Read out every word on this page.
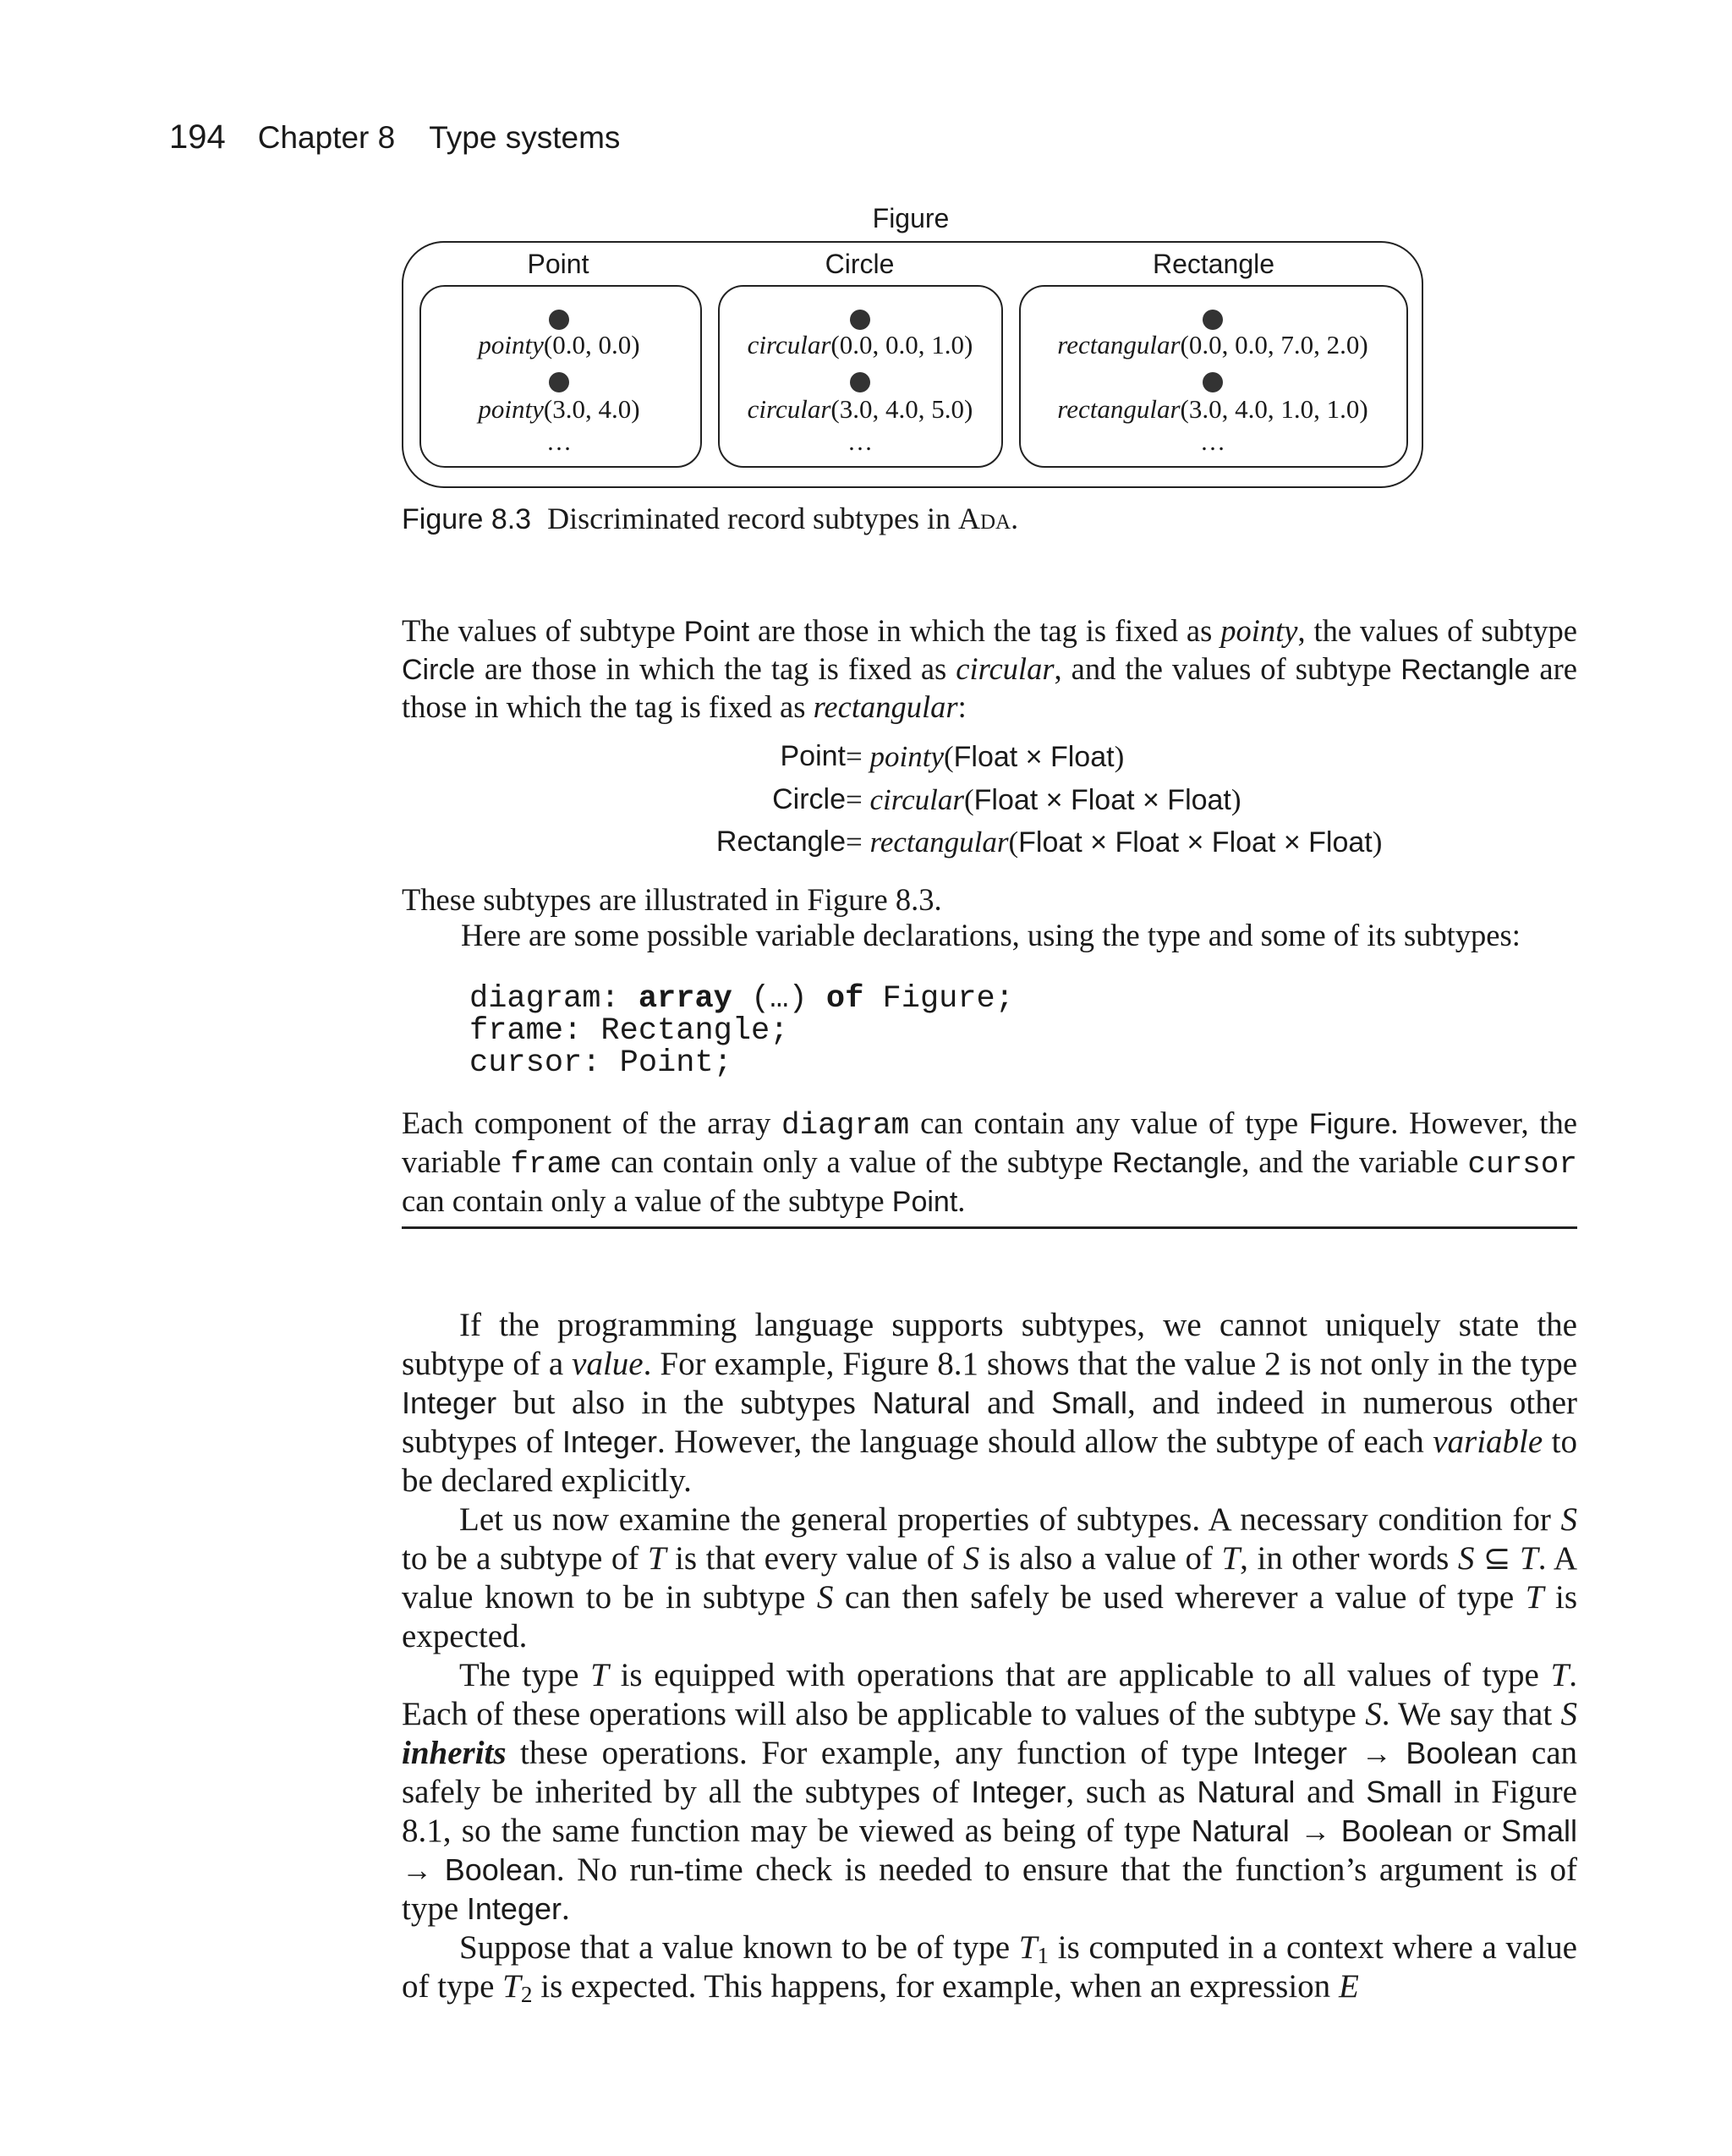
194 Chapter 8 Type systems
Figure
Point
pointy(0.0, 0.0)
pointy(3.0, 4.0)
…
Circle
circular(0.0, 0.0, 1.0)
circular(3.0, 4.0, 5.0)
…
Rectangle
rectangular(0.0, 0.0, 7.0, 2.0)
rectangular(3.0, 4.0, 1.0, 1.0)
…
Figure 8.3 Discriminated record subtypes in Ada.
The values of subtype Point are those in which the tag is fixed as pointy, the values of subtype Circle are those in which the tag is fixed as circular, and the values of subtype Rectangle are those in which the tag is fixed as rectangular:
Point = pointy(Float × Float)
Circle = circular(Float × Float × Float)
Rectangle = rectangular(Float × Float × Float × Float)
These subtypes are illustrated in Figure 8.3.
Here are some possible variable declarations, using the type and some of its subtypes:
diagram: array (…) of Figure;
frame: Rectangle;
cursor: Point;
Each component of the array diagram can contain any value of type Figure. However, the variable frame can contain only a value of the subtype Rectangle, and the variable cursor can contain only a value of the subtype Point.
If the programming language supports subtypes, we cannot uniquely state the subtype of a value. For example, Figure 8.1 shows that the value 2 is not only in the type Integer but also in the subtypes Natural and Small, and indeed in numerous other subtypes of Integer. However, the language should allow the subtype of each variable to be declared explicitly.
Let us now examine the general properties of subtypes. A necessary condition for S to be a subtype of T is that every value of S is also a value of T, in other words S ⊆ T. A value known to be in subtype S can then safely be used wherever a value of type T is expected.
The type T is equipped with operations that are applicable to all values of type T. Each of these operations will also be applicable to values of the subtype S. We say that S inherits these operations. For example, any function of type Integer → Boolean can safely be inherited by all the subtypes of Integer, such as Natural and Small in Figure 8.1, so the same function may be viewed as being of type Natural → Boolean or Small → Boolean. No run-time check is needed to ensure that the function’s argument is of type Integer.
Suppose that a value known to be of type $T_1$ is computed in a context where a value of type $T_2$ is expected. This happens, for example, when an expression E
